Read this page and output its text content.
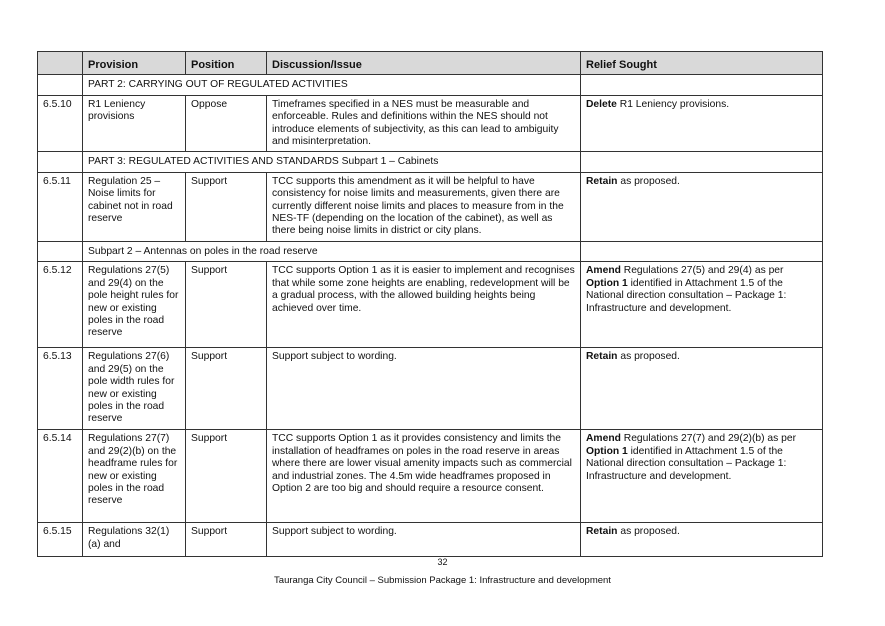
	Provision	Position	Discussion/Issue	Relief Sought
	PART 2: CARRYING OUT OF REGULATED ACTIVITIES			
6.5.10	R1 Leniency provisions	Oppose	Timeframes specified in a NES must be measurable and enforceable. Rules and definitions within the NES should not introduce elements of subjectivity, as this can lead to ambiguity and misinterpretation.	Delete R1 Leniency provisions.
	PART 3: REGULATED ACTIVITIES AND STANDARDS Subpart 1 – Cabinets			
6.5.11	Regulation 25 – Noise limits for cabinet not in road reserve	Support	TCC supports this amendment as it will be helpful to have consistency for noise limits and measurements, given there are currently different noise limits and places to measure from in the NES-TF (depending on the location of the cabinet), as well as there being noise limits in district or city plans.	Retain as proposed.
	Subpart 2 – Antennas on poles in the road reserve			
6.5.12	Regulations 27(5) and 29(4) on the pole height rules for new or existing poles in the road reserve	Support	TCC supports Option 1 as it is easier to implement and recognises that while some zone heights are enabling, redevelopment will be a gradual process, with the allowed building heights being achieved over time.	Amend Regulations 27(5) and 29(4) as per Option 1 identified in Attachment 1.5 of the National direction consultation – Package 1: Infrastructure and development.
6.5.13	Regulations 27(6) and 29(5) on the pole width rules for new or existing poles in the road reserve	Support	Support subject to wording.	Retain as proposed.
6.5.14	Regulations 27(7) and 29(2)(b) on the headframe rules for new or existing poles in the road reserve	Support	TCC supports Option 1 as it provides consistency and limits the installation of headframes on poles in the road reserve in areas where there are lower visual amenity impacts such as commercial and industrial zones. The 4.5m wide headframes proposed in Option 2 are too big and should require a resource consent.	Amend Regulations 27(7) and 29(2)(b) as per Option 1 identified in Attachment 1.5 of the National direction consultation – Package 1: Infrastructure and development.
6.5.15	Regulations 32(1)(a) and	Support	Support subject to wording.	Retain as proposed.
32
Tauranga City Council – Submission Package 1: Infrastructure and development
